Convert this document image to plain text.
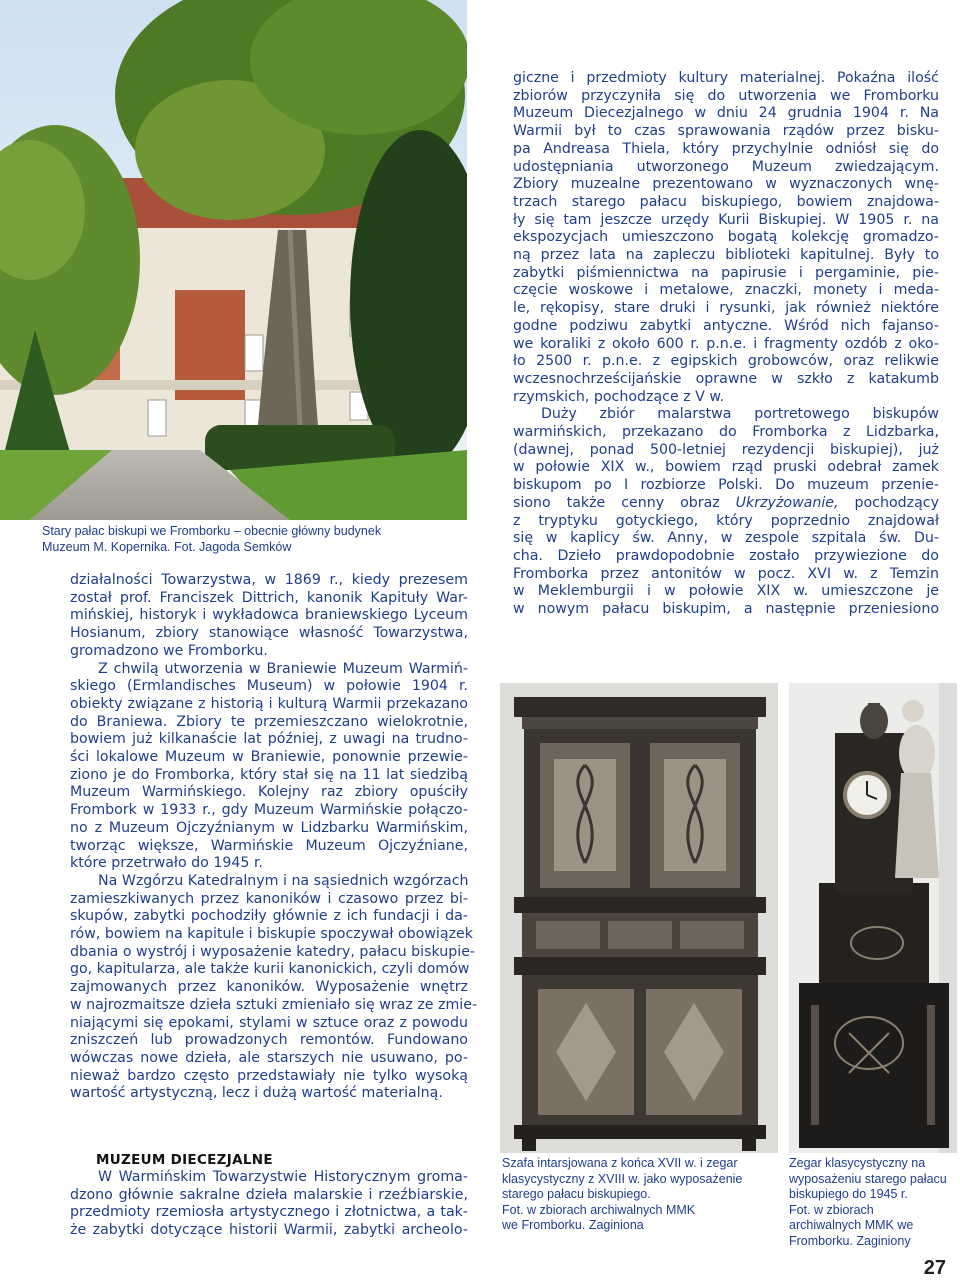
Stary pałac biskupi we Fromborku – obecnie główny budynek Muzeum M. Kopernika. Fot. Jagoda Semków
działalności Towarzystwa, w 1869 r., kiedy prezesem
został prof. Franciszek Dittrich, kanonik Kapituły War-
mińskiej, historyk i wykładowca braniewskiego Lyceum
Hosianum, zbiory stanowiące własność Towarzystwa,
gromadzono we Fromborku.
Z chwilą utworzenia w Braniewie Muzeum Warmiń-
skiego (Ermlandisches Museum) w połowie 1904 r.
obiekty związane z historią i kulturą Warmii przekazano
do Braniewa. Zbiory te przemieszczano wielokrotnie,
bowiem już kilkanaście lat później, z uwagi na trudno-
ści lokalowe Muzeum w Braniewie, ponownie przewie-
ziono je do Fromborka, który stał się na 11 lat siedzibą
Muzeum Warmińskiego. Kolejny raz zbiory opuściły
Frombork w 1933 r., gdy Muzeum Warmińskie połączo-
no z Muzeum Ojczyźnianym w Lidzbarku Warmińskim,
tworząc większe, Warmińskie Muzeum Ojczyźniane,
które przetrwało do 1945 r.
Na Wzgórzu Katedralnym i na sąsiednich wzgórzach
zamieszkiwanych przez kanoników i czasowo przez bi-
skupów, zabytki pochodziły głównie z ich fundacji i da-
rów, bowiem na kapitule i biskupie spoczywał obowiązek
dbania o wystrój i wyposażenie katedry, pałacu biskupie-
go, kapitularza, ale także kurii kanonickich, czyli domów
zajmowanych przez kanoników. Wyposażenie wnętrz
w najrozmaitsze dzieła sztuki zmieniało się wraz ze zmie-
niającymi się epokami, stylami w sztuce oraz z powodu
zniszczeń lub prowadzonych remontów. Fundowano
wówczas nowe dzieła, ale starszych nie usuwano, po-
nieważ bardzo często przedstawiały nie tylko wysoką
wartość artystyczną, lecz i dużą wartość materialną.
MUZEUM DIECEZJALNE
W Warmińskim Towarzystwie Historycznym groma-
dzono głównie sakralne dzieła malarskie i rzeźbiarskie,
przedmioty rzemiosła artystycznego i złotnictwa, a tak-
że zabytki dotyczące historii Warmii, zabytki archeolo-
giczne i przedmioty kultury materialnej. Pokaźna ilość
zbiorów przyczyniła się do utworzenia we Fromborku
Muzeum Diecezjalnego w dniu 24 grudnia 1904 r. Na
Warmii był to czas sprawowania rządów przez bisku-
pa Andreasa Thiela, który przychylnie odniósł się do
udostępniania utworzonego Muzeum zwiedzającym.
Zbiory muzealne prezentowano w wyznaczonych wnę-
trzach starego pałacu biskupiego, bowiem znajdowa-
ły się tam jeszcze urzędy Kurii Biskupiej. W 1905 r. na
ekspozycjach umieszczono bogatą kolekcję gromadzo-
ną przez lata na zapleczu biblioteki kapitulnej. Były to
zabytki piśmiennictwa na papirusie i pergaminie, pie-
częcie woskowe i metalowe, znaczki, monety i meda-
le, rękopisy, stare druki i rysunki, jak również niektóre
godne podziwu zabytki antyczne. Wśród nich fajanso-
we koraliki z około 600 r. p.n.e. i fragmenty ozdób z oko-
ło 2500 r. p.n.e. z egipskich grobowców, oraz relikwie
wczesnochrześcijańskie oprawne w szkło z katakumb
rzymskich, pochodzące z V w.
Duży zbiór malarstwa portretowego biskupów
warmińskich, przekazano do Fromborka z Lidzbarka,
(dawnej, ponad 500-letniej rezydencji biskupiej), już
w połowie XIX w., bowiem rząd pruski odebrał zamek
biskupom po I rozbiorze Polski. Do muzeum przenie-
siono także cenny obraz Ukrzyżowanie, pochodzący
z tryptyku gotyckiego, który poprzednio znajdował
się w kaplicy św. Anny, w zespole szpitala św. Du-
cha. Dzieło prawdopodobnie zostało przywiezione do
Fromborka przez antonitów w pocz. XVI w. z Temzin
w Meklemburgii i w połowie XIX w. umieszczone je
w nowym pałacu biskupim, a następnie przeniesiono
Szafa intarsjowana z końca XVII w. i zegar
klasycystyczny z XVIII w. jako wyposażenie
starego pałacu biskupiego.
Fot. w zbiorach archiwalnych MMK
we Fromborku. Zaginiona
Zegar klasycystyczny na
wyposażeniu starego pałacu
biskupiego do 1945 r.
Fot. w zbiorach
archiwalnych MMK we
Fromborku. Zaginiony
27
